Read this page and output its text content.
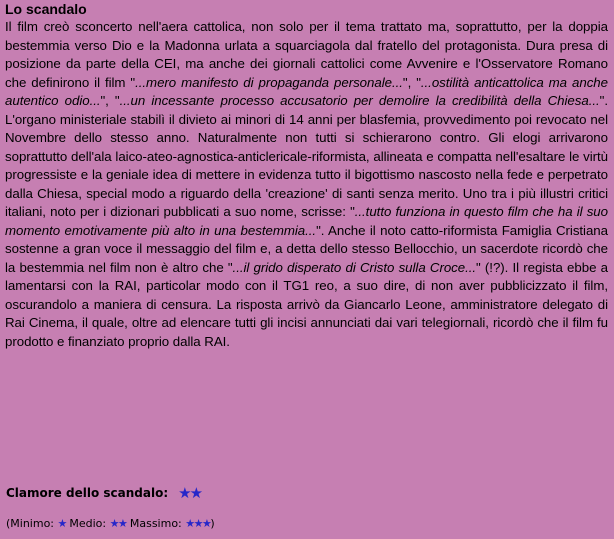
Lo scandalo

Il film creò sconcerto nell'aera cattolica, non solo per il tema trattato ma, soprattutto, per la doppia bestemmia verso Dio e la Madonna urlata a squarciagola dal fratello del protagonista. Dura presa di posizione da parte della CEI, ma anche dei giornali cattolici come Avvenire e l'Osservatore Romano che definirono il film "...mero manifesto di propaganda personale...", "...ostilità anticattolica ma anche autentico odio...", "...un incessante processo accusatorio per demolire la credibilità della Chiesa...". L'organo ministeriale stabilì il divieto ai minori di 14 anni per blasfemia, provvedimento poi revocato nel Novembre dello stesso anno. Naturalmente non tutti si schierarono contro. Gli elogi arrivarono soprattutto dell'ala laico-ateo-agnostica-anticlericale-riformista, allineata e compatta nell'esaltare le virtù progressiste e la geniale idea di mettere in evidenza tutto il bigottismo nascosto nella fede e perpetrato dalla Chiesa, special modo a riguardo della 'creazione' di santi senza merito. Uno tra i più illustri critici italiani, noto per i dizionari pubblicati a suo nome, scrisse: "...tutto funziona in questo film che ha il suo momento emotivamente più alto in una bestemmia...". Anche il noto catto-riformista Famiglia Cristiana sostenne a gran voce il messaggio del film e, a detta dello stesso Bellocchio, un sacerdote ricordò che la bestemmia nel film non è altro che "...il grido disperato di Cristo sulla Croce..." (!?). Il regista ebbe a lamentarsi con la RAI, particolar modo con il TG1 reo, a suo dire, di non aver pubblicizzato il film, oscurandolo a maniera di censura. La risposta arrivò da Giancarlo Leone, amministratore delegato di Rai Cinema, il quale, oltre ad elencare tutti gli incisi annunciati dai vari telegiornali, ricordò che il film fu prodotto e finanziato proprio dalla RAI.

Clamore dello scandalo: ★★
(Minimo: ★ Medio: ★★ Massimo: ★★★)
